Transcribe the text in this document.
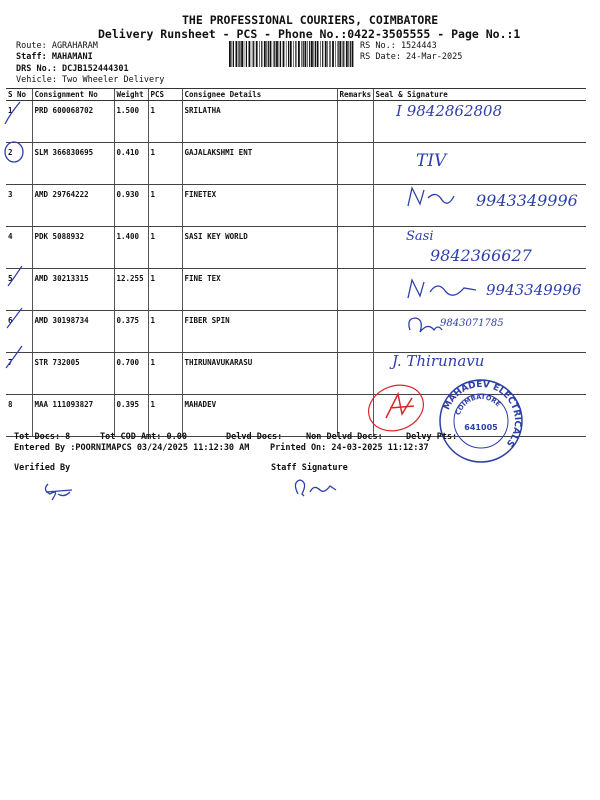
THE PROFESSIONAL COURIERS, COIMBATORE
Delivery Runsheet - PCS - Phone No.:0422-3505555 - Page No.:1
Route: AGRAHARAM
Staff: MAHAMANI
DRS No.: DCJB152444301
Vehicle: Two Wheeler Delivery
RS No.: 1524443
RS Date: 24-Mar-2025
S No	Consignment No	Weight	PCS	Consignee Details	Remarks	Seal & Signature
1	PRD 600068702	1.500	1	SRILATHA		
2	SLM 366830695	0.410	1	GAJALAKSHMI ENT		
3	AMD 29764222	0.930	1	FINETEX		
4	PDK 5088932	1.400	1	SASI KEY WORLD		
5	AMD 30213315	12.255	1	FINE TEX		
6	AMD 30198734	0.375	1	FIBER SPIN		
7	STR 732005	0.700	1	THIRUNAVUKARASU		
8	MAA 111093827	0.395	1	MAHADEV		
I 9842862808
TIV
9943349996
Sasi
9842366627
9943349996
9843071785
J. Thirunavu
MAHADEV ELECTRICALS
COIMBATORE
641005
Tot Docs: 8	Tot COD Amt: 0.00	Delvd Docs:	Non Delvd Docs:	Delvy Pts:
Entered By :POORNIMAPCS 03/24/2025 11:12:30 AM Printed On: 24-03-2025 11:12:37
Verified By	Staff Signature
